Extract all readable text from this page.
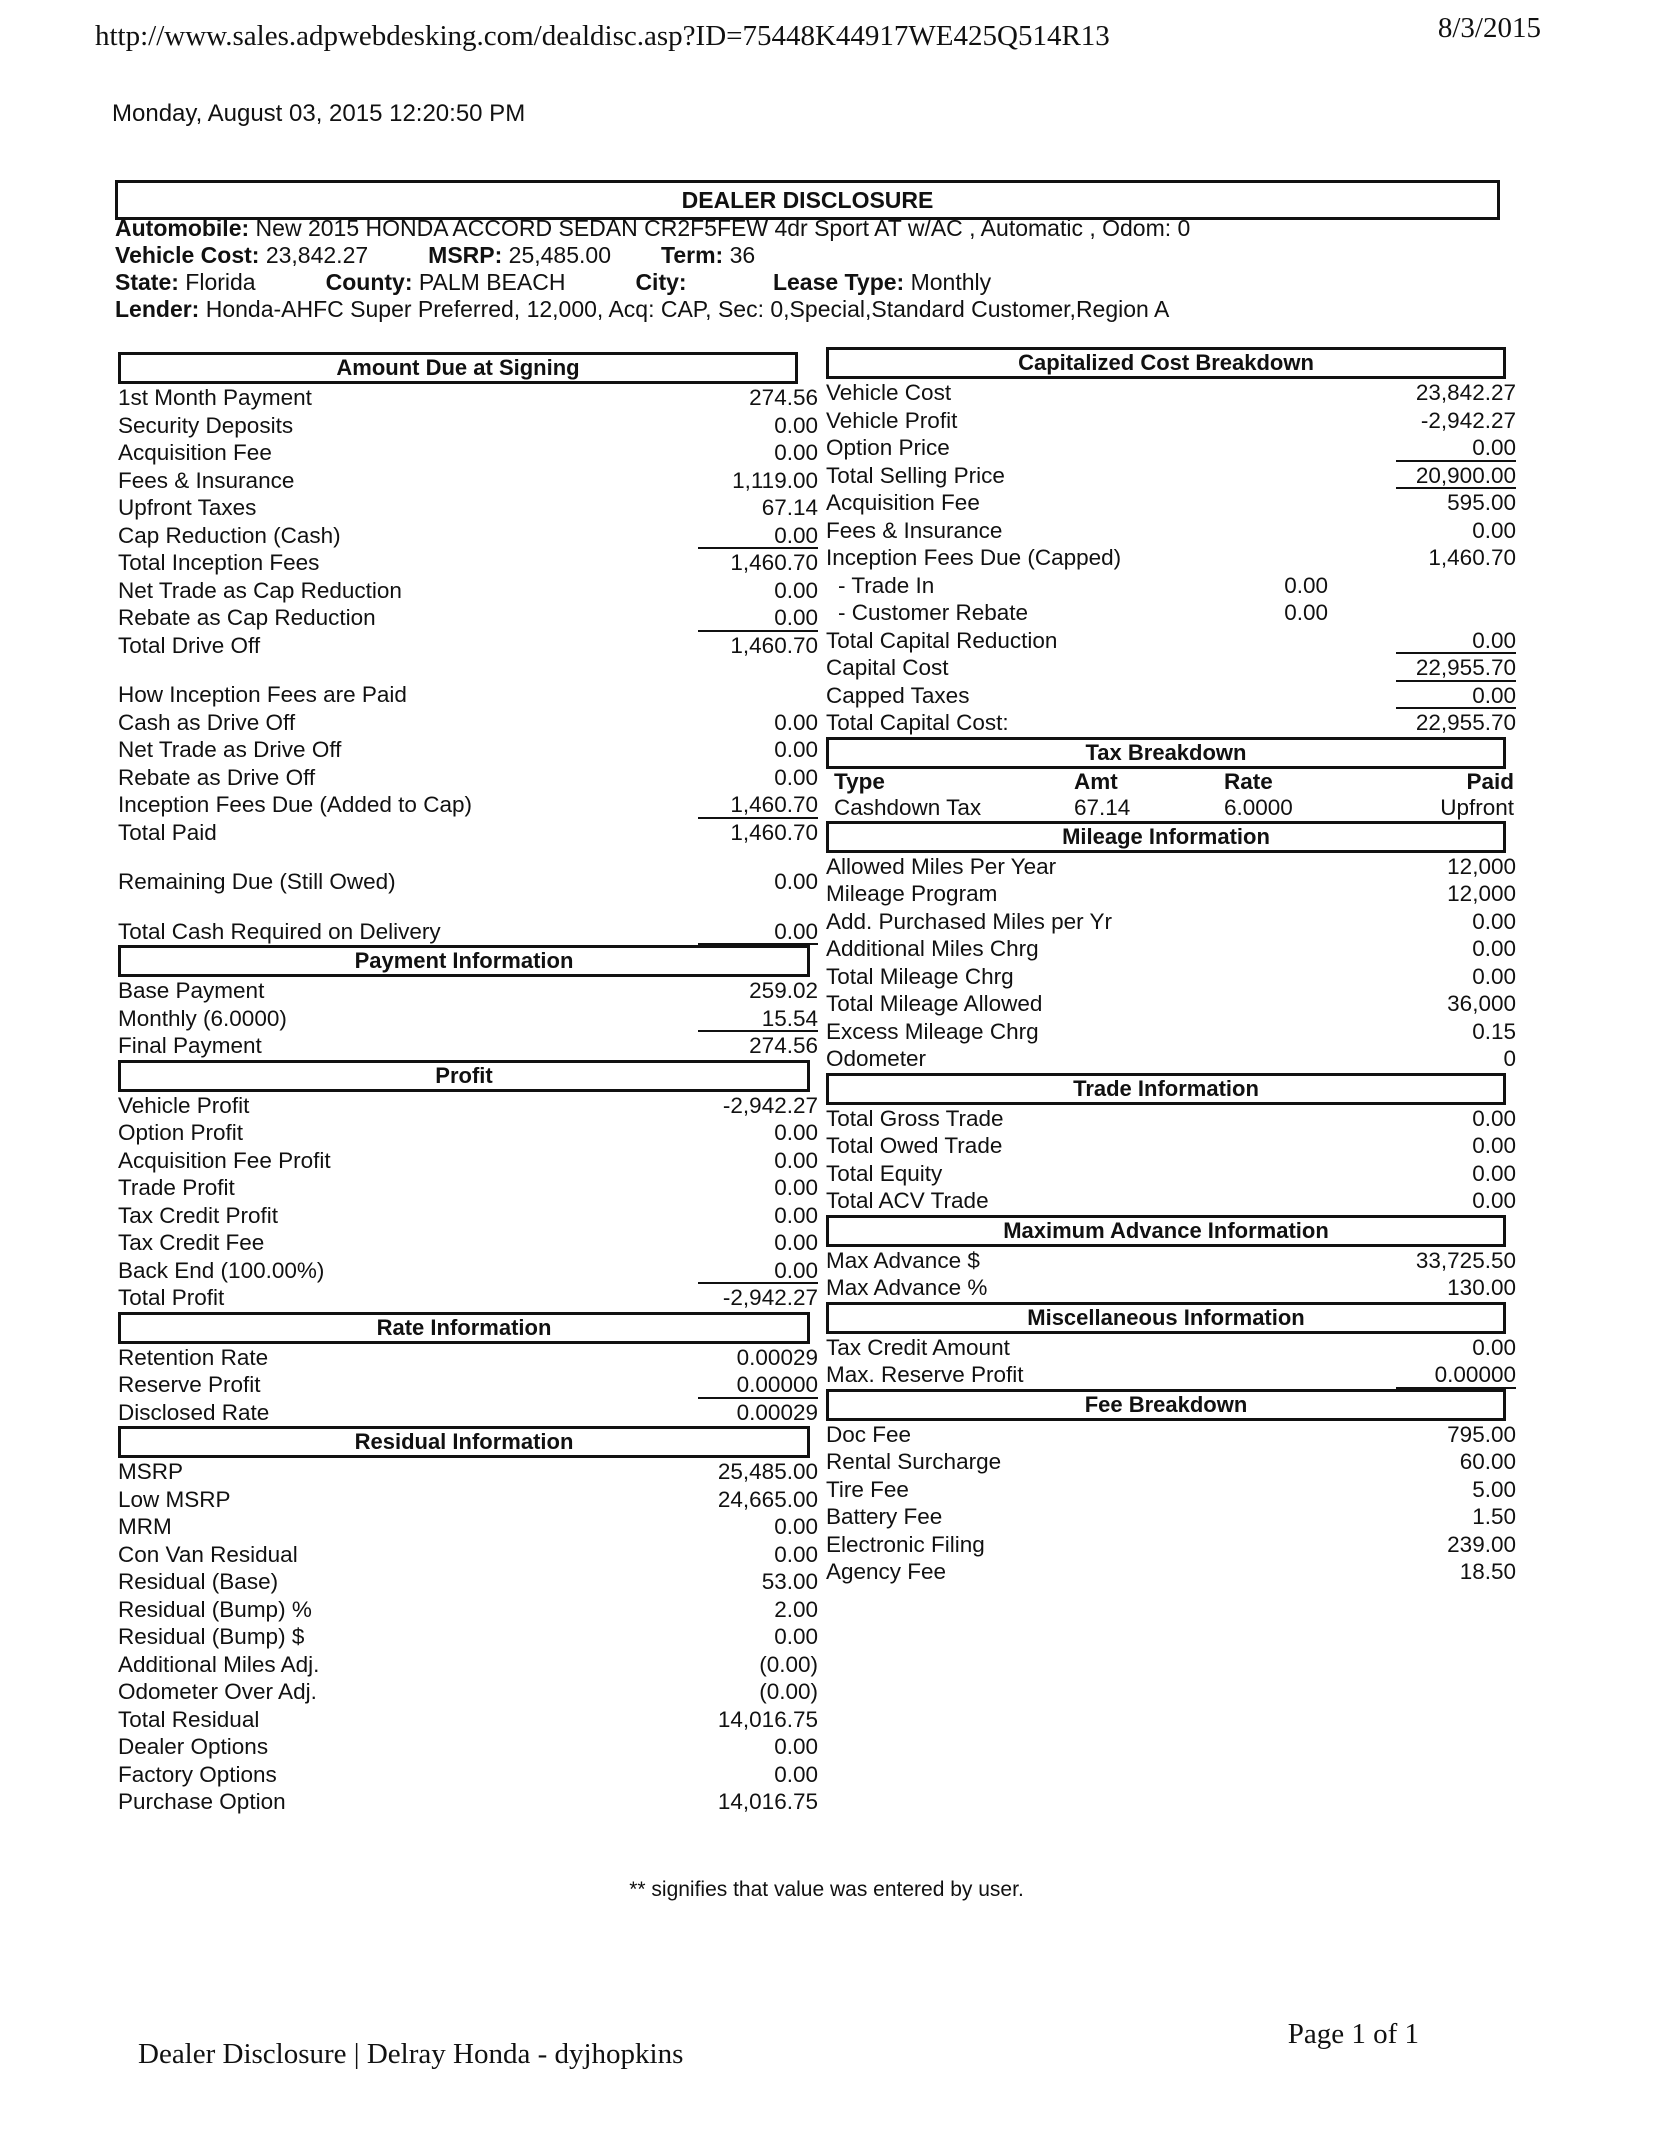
http://www.sales.adpwebdesking.com/dealdisc.asp?ID=75448K44917WE425Q514R13	8/3/2015
Monday, August 03, 2015 12:20:50 PM
DEALER DISCLOSURE
Automobile: New 2015 HONDA ACCORD SEDAN CR2F5FEW 4dr Sport AT w/AC , Automatic , Odom: 0
Vehicle Cost: 23,842.27	MSRP: 25,485.00 Term: 36
State: Florida	County: PALM BEACH	City:	Lease Type: Monthly
Lender: Honda-AHFC Super Preferred, 12,000, Acq: CAP, Sec: 0,Special,Standard Customer,Region A
Amount Due at Signing
1st Month Payment	274.56
Security Deposits	0.00
Acquisition Fee	0.00
Fees & Insurance	1,119.00
Upfront Taxes	67.14
Cap Reduction (Cash)	0.00
Total Inception Fees	1,460.70
Net Trade as Cap Reduction	0.00
Rebate as Cap Reduction	0.00
Total Drive Off	1,460.70
How Inception Fees are Paid
Cash as Drive Off	0.00
Net Trade as Drive Off	0.00
Rebate as Drive Off	0.00
Inception Fees Due (Added to Cap)	1,460.70
Total Paid	1,460.70
Remaining Due (Still Owed)	0.00
Total Cash Required on Delivery	0.00
Payment Information
Base Payment	259.02
Monthly (6.0000)	15.54
Final Payment	274.56
Profit
Vehicle Profit	-2,942.27
Option Profit	0.00
Acquisition Fee Profit	0.00
Trade Profit	0.00
Tax Credit Profit	0.00
Tax Credit Fee	0.00
Back End (100.00%)	0.00
Total Profit	-2,942.27
Rate Information
Retention Rate	0.00029
Reserve Profit	0.00000
Disclosed Rate	0.00029
Residual Information
MSRP	25,485.00
Low MSRP	24,665.00
MRM	0.00
Con Van Residual	0.00
Residual (Base)	53.00
Residual (Bump) %	2.00
Residual (Bump) $	0.00
Additional Miles Adj.	(0.00)
Odometer Over Adj.	(0.00)
Total Residual	14,016.75
Dealer Options	0.00
Factory Options	0.00
Purchase Option	14,016.75
Capitalized Cost Breakdown
Vehicle Cost	23,842.27
Vehicle Profit	-2,942.27
Option Price	0.00
Total Selling Price	20,900.00
Acquisition Fee	595.00
Fees & Insurance	0.00
Inception Fees Due (Capped)	1,460.70
- Trade In	0.00
- Customer Rebate	0.00
Total Capital Reduction	0.00
Capital Cost	22,955.70
Capped Taxes	0.00
Total Capital Cost:	22,955.70
Tax Breakdown
Type	Amt	Rate	Paid
Cashdown Tax	67.14	6.0000	Upfront
Mileage Information
Allowed Miles Per Year	12,000
Mileage Program	12,000
Add. Purchased Miles per Yr	0.00
Additional Miles Chrg	0.00
Total Mileage Chrg	0.00
Total Mileage Allowed	36,000
Excess Mileage Chrg	0.15
Odometer	0
Trade Information
Total Gross Trade	0.00
Total Owed Trade	0.00
Total Equity	0.00
Total ACV Trade	0.00
Maximum Advance Information
Max Advance $	33,725.50
Max Advance %	130.00
Miscellaneous Information
Tax Credit Amount	0.00
Max. Reserve Profit	0.00000
Fee Breakdown
Doc Fee	795.00
Rental Surcharge	60.00
Tire Fee	5.00
Battery Fee	1.50
Electronic Filing	239.00
Agency Fee	18.50
** signifies that value was entered by user.
Dealer Disclosure | Delray Honda - dyjhopkins
Page 1 of 1
